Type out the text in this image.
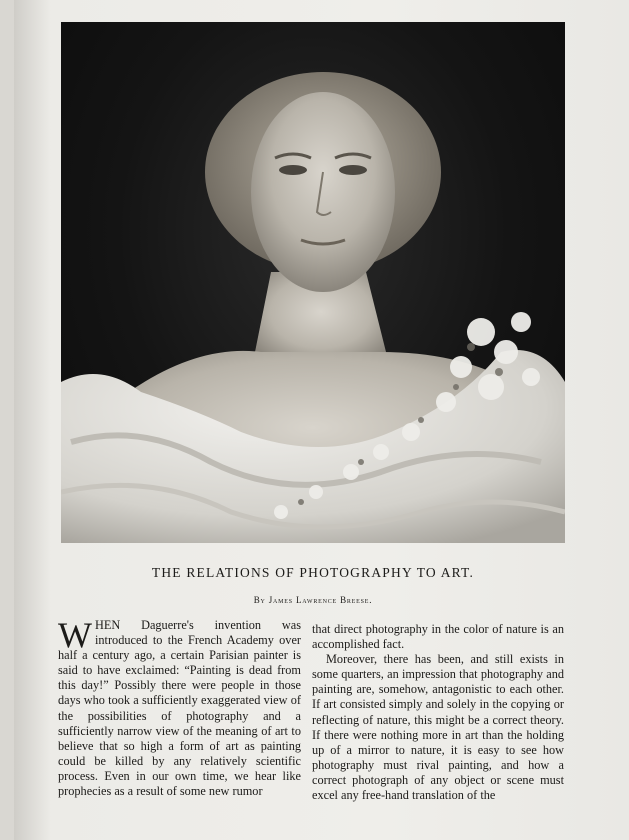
THE RELATIONS OF PHOTOGRAPHY TO ART.

By James Lawrence Breese.

WHEN Daguerre's invention was introduced to the French Academy over half a century ago, a certain Parisian painter is said to have exclaimed: “Painting is dead from this day!” Possibly there were people in those days who took a sufficiently exaggerated view of the possibilities of photography and a sufficiently narrow view of the meaning of art to believe that so high a form of art as painting could be killed by any relatively scientific process. Even in our own time, we hear like prophecies as a result of some new rumor

that direct photography in the color of nature is an accomplished fact.

Moreover, there has been, and still exists in some quarters, an impression that photography and painting are, somehow, antagonistic to each other. If art consisted simply and solely in the copying or reflecting of nature, this might be a correct theory. If there were nothing more in art than the holding up of a mirror to nature, it is easy to see how photography must rival painting, and how a correct photograph of any object or scene must excel any free-hand translation of the
